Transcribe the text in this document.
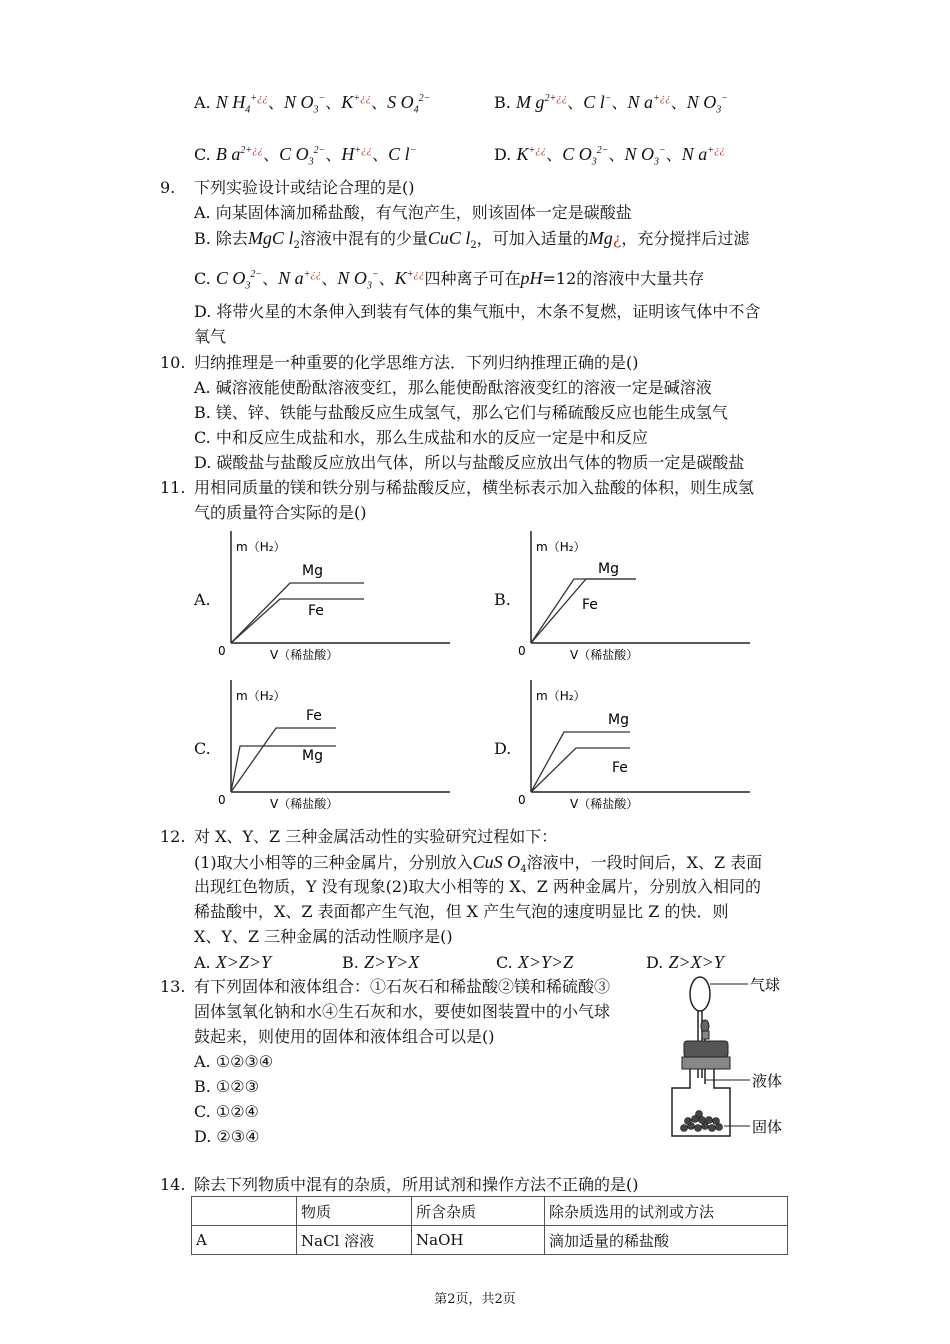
A. N $H_4^{+¿¿}$、N $O_3^-$、K+¿¿、S $O_4^{2-}$	B. M $g^{2+¿¿}$、C l−、N a+¿¿、N $O_3^-$
C. B $a^{2+¿¿}$、C $O_3^{2-}$、H+¿¿、C l−	D. K+¿¿、C $O_3^{2-}$、N $O_3^-$、N a+¿¿
9. 下列实验设计或结论合理的是()
A. 向某固体滴加稀盐酸，有气泡产生，则该固体一定是碳酸盐
B. 除去MgC $l_2$溶液中混有的少量CuC $l_2$，可加入适量的Mg¿，充分搅拌后过滤
C. C $O_3^{2-}$、N a+¿¿、N $O_3^-$、K+¿¿四种离子可在pH=12的溶液中大量共存
D. 将带火星的木条伸入到装有气体的集气瓶中，木条不复燃，证明该气体中不含
氧气
10. 归纳推理是一种重要的化学思维方法．下列归纳推理正确的是()
A. 碱溶液能使酚酞溶液变红，那么能使酚酞溶液变红的溶液一定是碱溶液
B. 镁、锌、铁能与盐酸反应生成氢气，那么它们与稀硫酸反应也能生成氢气
C. 中和反应生成盐和水，那么生成盐和水的反应一定是中和反应
D. 碳酸盐与盐酸反应放出气体，所以与盐酸反应放出气体的物质一定是碳酸盐
11. 用相同质量的镁和铁分别与稀盐酸反应，横坐标表示加入盐酸的体积，则生成氢
气的质量符合实际的是()
A.
m（H₂）
0	V（稀盐酸）
Mg
Fe
B.
m（H₂）
0	V（稀盐酸）
Mg
Fe
C.
m（H₂）
0	V（稀盐酸）
Fe
Mg	D.
m（H₂）
0	V（稀盐酸）
Mg
Fe
12. 对 X、Y、Z 三种金属活动性的实验研究过程如下：
(1)取大小相等的三种金属片，分别放入CuS $O_4$溶液中，一段时间后，X、Z 表面
出现红色物质，Y 没有现象(2)取大小相等的 X、Z 两种金属片，分别放入相同的
稀盐酸中，X、Z 表面都产生气泡，但 X 产生气泡的速度明显比 Z 的快．则
X、Y、Z 三种金属的活动性顺序是()
A. X>Z>Y	B. Z>Y>X	C. X>Y>Z	D. Z>X>Y
13. 有下列固体和液体组合：①石灰石和稀盐酸②镁和稀硫酸③
固体氢氧化钠和水④生石灰和水，要使如图装置中的小气球
鼓起来，则使用的固体和液体组合可以是()
A. ①②③④
B. ①②③
C. ①②④
D. ②③④
气球
液体
固体
14. 除去下列物质中混有的杂质，所用试剂和操作方法不正确的是()
	物质	所含杂质	除杂质选用的试剂或方法
A	NaCl 溶液	NaOH	滴加适量的稀盐酸
第2页，共2页
